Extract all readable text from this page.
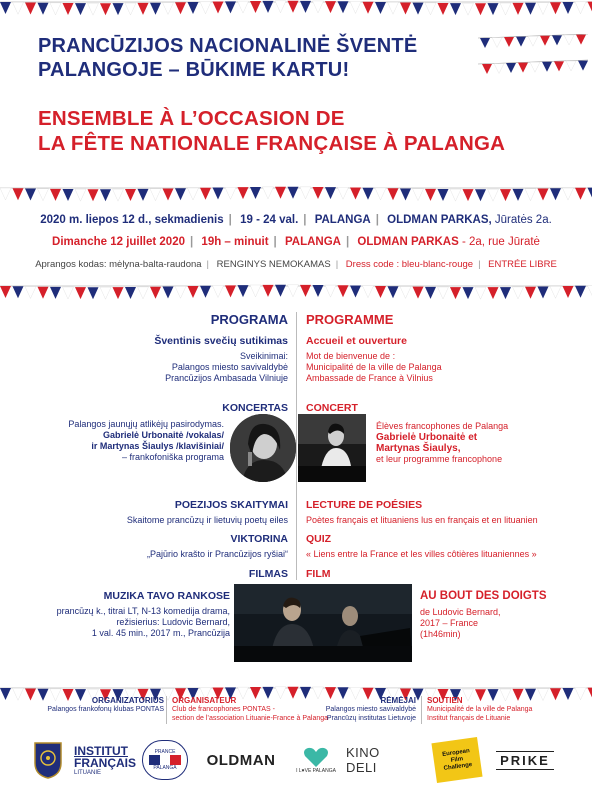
PRANCŪZIJOS NACIONALINĖ ŠVENTĖ
PALANGOJE – BŪKIME KARTU!
ENSEMBLE À L’OCCASION DE
LA FÊTE NATIONALE FRANÇAISE À PALANGA
2020 m. liepos 12 d., sekmadienis | 19 - 24 val. | PALANGA | OLDMAN PARKAS, Jūratės 2a.
Dimanche 12 juillet 2020 | 19h – minuit | PALANGA | OLDMAN PARKAS - 2a, rue Jūratė
Aprangos kodas: mėlyna-balta-raudona | RENGINYS NEMOKAMAS | Dress code : bleu-blanc-rouge | ENTRÉE LIBRE
PROGRAMA PROGRAMME
Šventinis svečių sutikimas
Sveikinimai:
Palangos miesto savivaldybė
Prancūzijos Ambasada Vilniuje
Accueil et ouverture
Mot de bienvenue de :
Municipalité de la ville de Palanga
Ambassade de France à Vilnius
KONCERTAS
Palangos jaunųjų atlikėjų pasirodymas.
Gabrielė Urbonaitė /vokalas/
ir Martynas Šiaulys /klavišiniai/
– frankofoniška programa
CONCERT
Élèves francophones de Palanga
Gabrielė Urbonaitė et
Martynas Šiaulys,
et leur programme francophone
POEZIJOS SKAITYMAI
Skaitome prancūzų ir lietuvių poetų eiles
LECTURE DE POÉSIES
Poètes français et lituaniens lus en français et en lituanien
VIKTORINA
„Pajūrio krašto ir Prancūzijos ryšiai“
QUIZ
« Liens entre la France et les villes côtières lituaniennes »
FILMAS FILM
MUZIKA TAVO RANKOSE
prancūzų k., titrai LT, N-13 komedija drama,
režisierius: Ludovic Bernard,
1 val. 45 min., 2017 m., Prancūzija
AU BOUT DES DOIGTS
de Ludovic Bernard,
2017 – France
(1h46min)
ORGANIZATORIUS
Palangos frankofonų klubas PONTAS
ORGANISATEUR
Club de francophones PONTAS -
section de l’association Lituanie-France à Palanga
RĖMĖJAI
Palangos miesto savivaldybė
Prancūzų institutas Lietuvoje
SOUTIEN
Municipalité de la ville de Palanga
Institut français de Lituanie
INSTITUT
FRANÇAIS
LITUANIE
PRANCE
PALANGA OLDMAN
I L♥VE PALANGA
KINO DELI
European
Film
Challenge	PRIKE
